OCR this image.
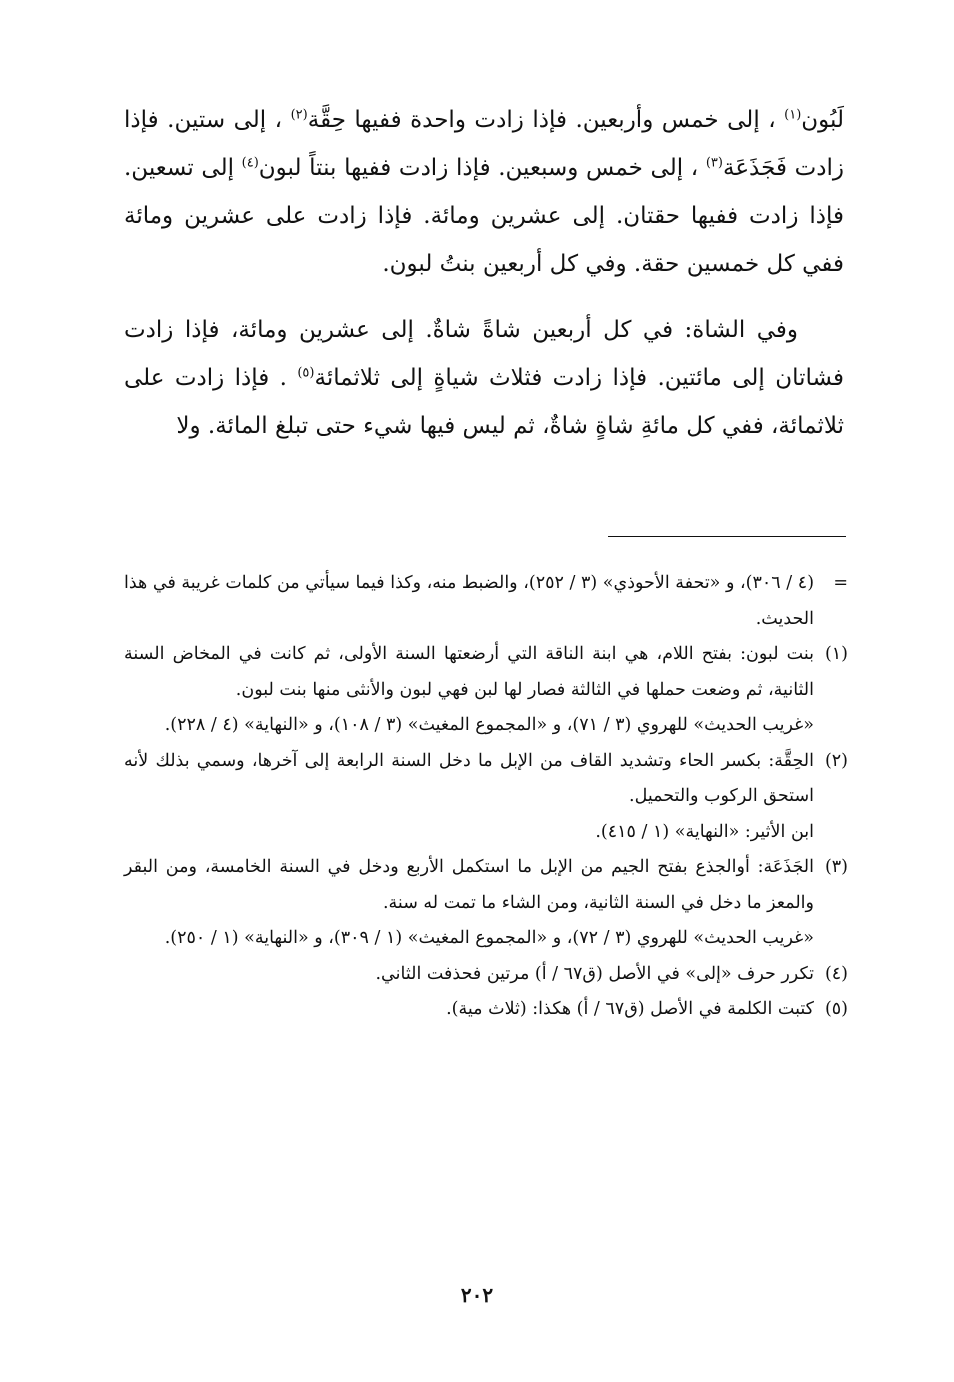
لَبُون$^{(١)}$ ، إلى خمس وأربعين. فإذا زادت واحدة ففيها حِقَّة$^{(٢)}$ ، إلى ستين. فإذا زادت فَجَذَعَة$^{(٣)}$ ، إلى خمس وسبعين. فإذا زادت ففيها بنتاً لبون$^{(٤)}$ إلى تسعين. فإذا زادت ففيها حقتان. إلى عشرين ومائة. فإذا زادت على عشرين ومائة ففي كل خمسين حقة. وفي كل أربعين بنتُ لبون.

وفي الشاة: في كل أربعين شاةً شاةٌ. إلى عشرين ومائة، فإذا زادت فشاتان إلى مائتين. فإذا زادت فثلاث شياةٍ إلى ثلاثمائة$^{(٥)}$ . فإذا زادت على ثلاثمائة، ففي كل مائةِ شاةٍ شاةٌ، ثم ليس فيها شيء حتى تبلغ المائة. ولا

=
(٤ / ٣٠٦)، و «تحفة الأحوذي» (٣ / ٢٥٢)، والضبط منه، وكذا فيما سيأتي من كلمات غريبة في هذا الحديث.
(١)
بنت لبون: بفتح اللام، هي ابنة الناقة التي أرضعتها السنة الأولى، ثم كانت في المخاض السنة الثانية، ثم وضعت حملها في الثالثة فصار لها لبن فهي لبون والأنثى منها بنت لبون.
«غريب الحديث» للهروي (٣ / ٧١)، و «المجموع المغيث» (٣ / ١٠٨)، و «النهاية» (٤ / ٢٢٨).
(٢)
الحِقَّة: بكسر الحاء وتشديد القاف من الإبل ما دخل السنة الرابعة إلى آخرها، وسمي بذلك لأنه استحق الركوب والتحميل.
ابن الأثير: «النهاية» (١ / ٤١٥).
(٣)
الجَذَعَة: أوالجذع بفتح الجيم من الإبل ما استكمل الأربع ودخل في السنة الخامسة، ومن البقر والمعز ما دخل في السنة الثانية، ومن الشاء ما تمت له سنة.
«غريب الحديث» للهروي (٣ / ٧٢)، و «المجموع المغيث» (١ / ٣٠٩)، و «النهاية» (١ / ٢٥٠).
(٤)
تكرر حرف «إلى» في الأصل (ق٦٧ / أ) مرتين فحذفت الثاني.
(٥)
كتبت الكلمة في الأصل (ق٦٧ / أ) هكذا: (ثلاث مية).
٢٠٢
